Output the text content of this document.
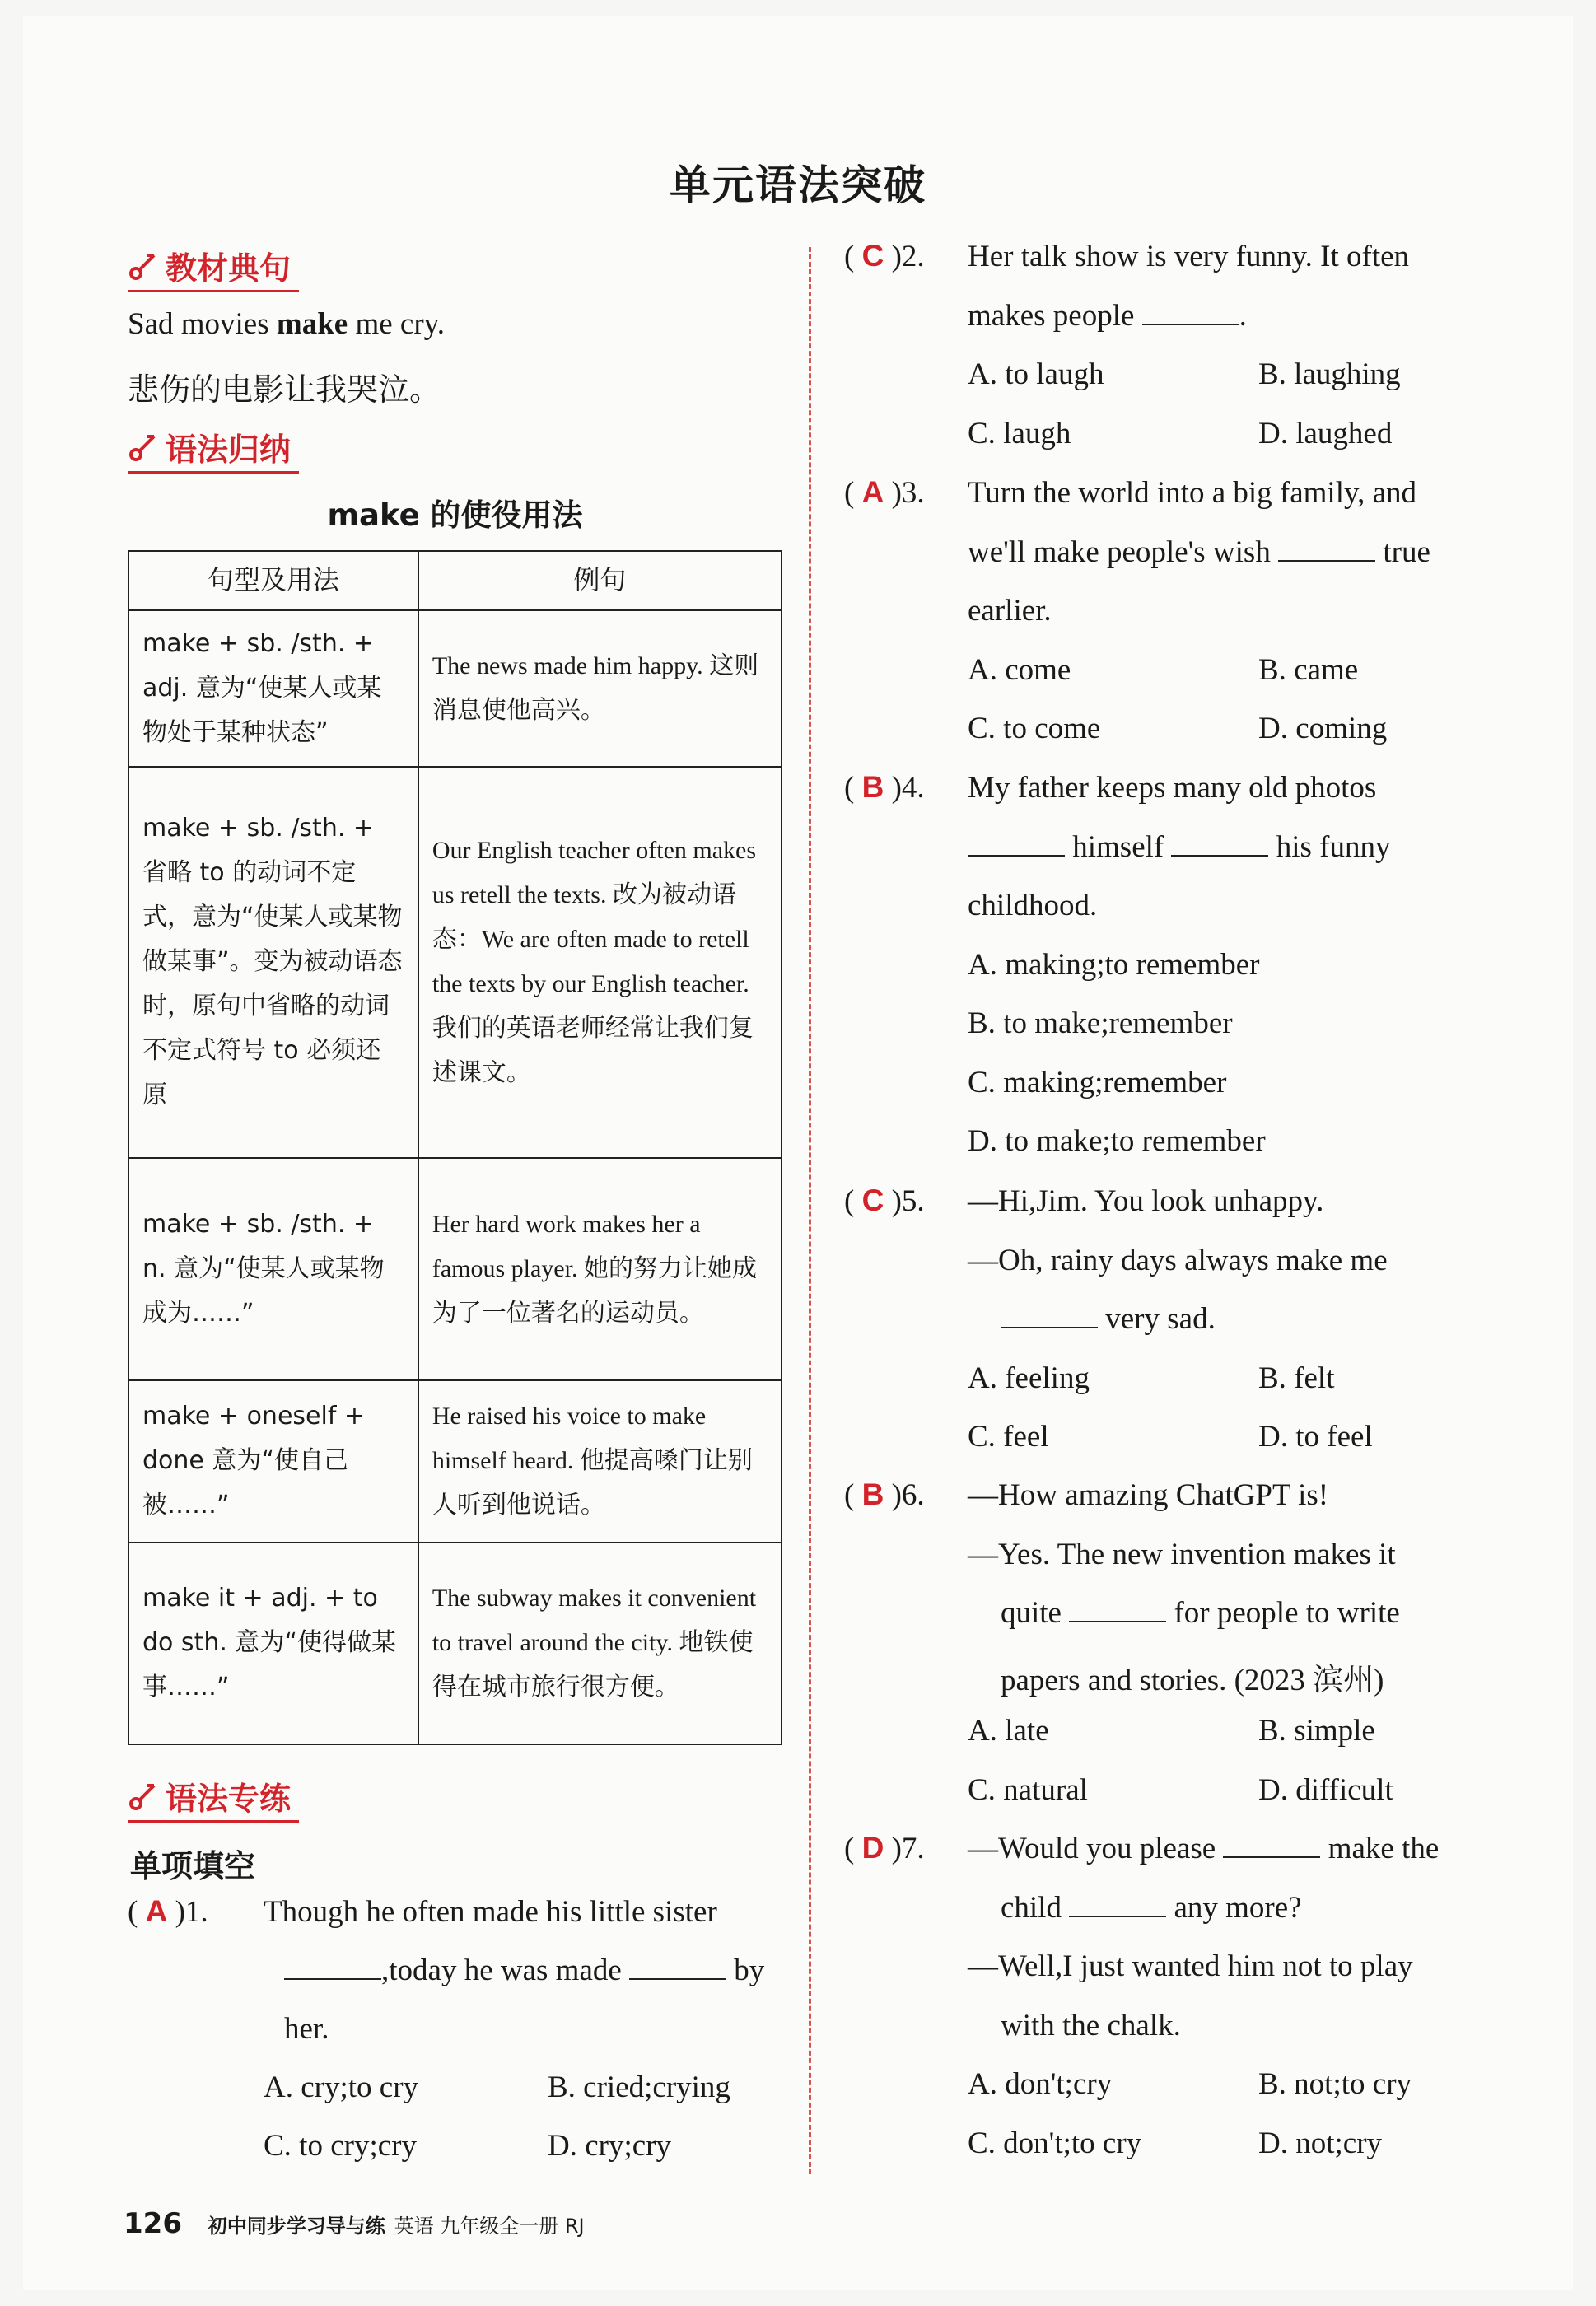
单元语法突破
教材典句
Sad movies make me cry.
悲伤的电影让我哭泣。
语法归纳
make 的使役用法
句型及用法	例句
make + sb. /sth. + adj. 意为“使某人或某物处于某种状态”	The news made him happy. 这则消息使他高兴。
make + sb. /sth. + 省略 to 的动词不定式，意为“使某人或某物做某事”。变为被动语态时，原句中省略的动词不定式符号 to 必须还原	Our English teacher often makes us retell the texts. 改为被动语态：We are often made to retell the texts by our English teacher. 我们的英语老师经常让我们复述课文。
make + sb. /sth. + n. 意为“使某人或某物成为……”	Her hard work makes her a famous player. 她的努力让她成为了一位著名的运动员。
make + oneself + done 意为“使自己被……”	He raised his voice to make himself heard. 他提高嗓门让别人听到他说话。
make it + adj. + to do sth. 意为“使得做某事……”	The subway makes it convenient to travel around the city. 地铁使得在城市旅行很方便。
语法专练
单项填空
( A )1. Though he often made his little sister
,today he was made	by
her.
A. cry;to cry	B. cried;crying
C. to cry;cry	D. cry;cry
( C )2. Her talk show is very funny. It often
makes people	.
A. to laugh	B. laughing
C. laugh	D. laughed
( A )3. Turn the world into a big family, and
we'll make people's wish	true
earlier.
A. come	B. came
C. to come	D. coming
( B )4. My father keeps many old photos
himself	his funny
childhood.
A. making;to remember
B. to make;remember
C. making;remember
D. to make;to remember
( C )5. —Hi,Jim. You look unhappy.
—Oh, rainy days always make me
very sad.
A. feeling	B. felt
C. feel	D. to feel
( B )6. —How amazing ChatGPT is!
—Yes. The new invention makes it
quite	for people to write
papers and stories. (2023 滨州)
A. late	B. simple
C. natural	D. difficult
( D )7. —Would you please	make the
child	any more?
—Well,I just wanted him not to play
with the chalk.
A. don't;cry	B. not;to cry
C. don't;to cry	D. not;cry
126 初中同步学习导与练 英语 九年级全一册 RJ
